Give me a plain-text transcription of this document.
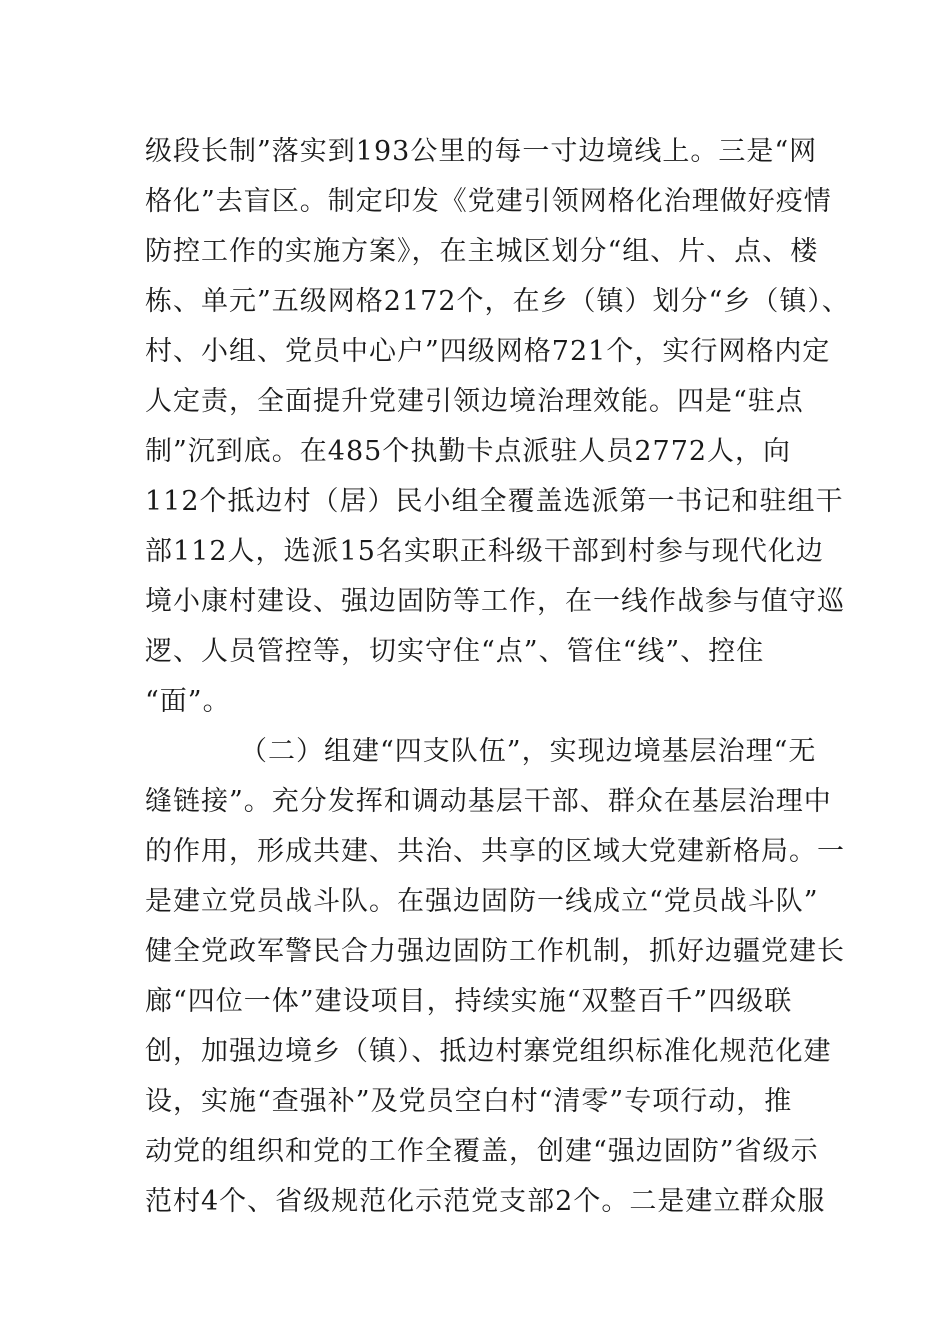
级段长制”落实到193公里的每一寸边境线上。三是“网
格化”去盲区。制定印发《党建引领网格化治理做好疫情
防控工作的实施方案》，在主城区划分“组、片、点、楼
栋、单元”五级网格2172个，在乡（镇）划分“乡（镇）、
村、小组、党员中心户”四级网格721个，实行网格内定
人定责，全面提升党建引领边境治理效能。四是“驻点
制”沉到底。在485个执勤卡点派驻人员2772人，向
112个抵边村（居）民小组全覆盖选派第一书记和驻组干
部112人，选派15名实职正科级干部到村参与现代化边
境小康村建设、强边固防等工作，在一线作战参与值守巡
逻、人员管控等，切实守住“点”、管住“线”、控住
“面”。
（二）组建“四支队伍”，实现边境基层治理“无
缝链接”。充分发挥和调动基层干部、群众在基层治理中
的作用，形成共建、共治、共享的区域大党建新格局。一
是建立党员战斗队。在强边固防一线成立“党员战斗队”
健全党政军警民合力强边固防工作机制，抓好边疆党建长
廊“四位一体”建设项目，持续实施“双整百千”四级联
创，加强边境乡（镇）、抵边村寨党组织标准化规范化建
设，实施“查强补”及党员空白村“清零”专项行动，推
动党的组织和党的工作全覆盖，创建“强边固防”省级示
范村4个、省级规范化示范党支部2个。二是建立群众服
